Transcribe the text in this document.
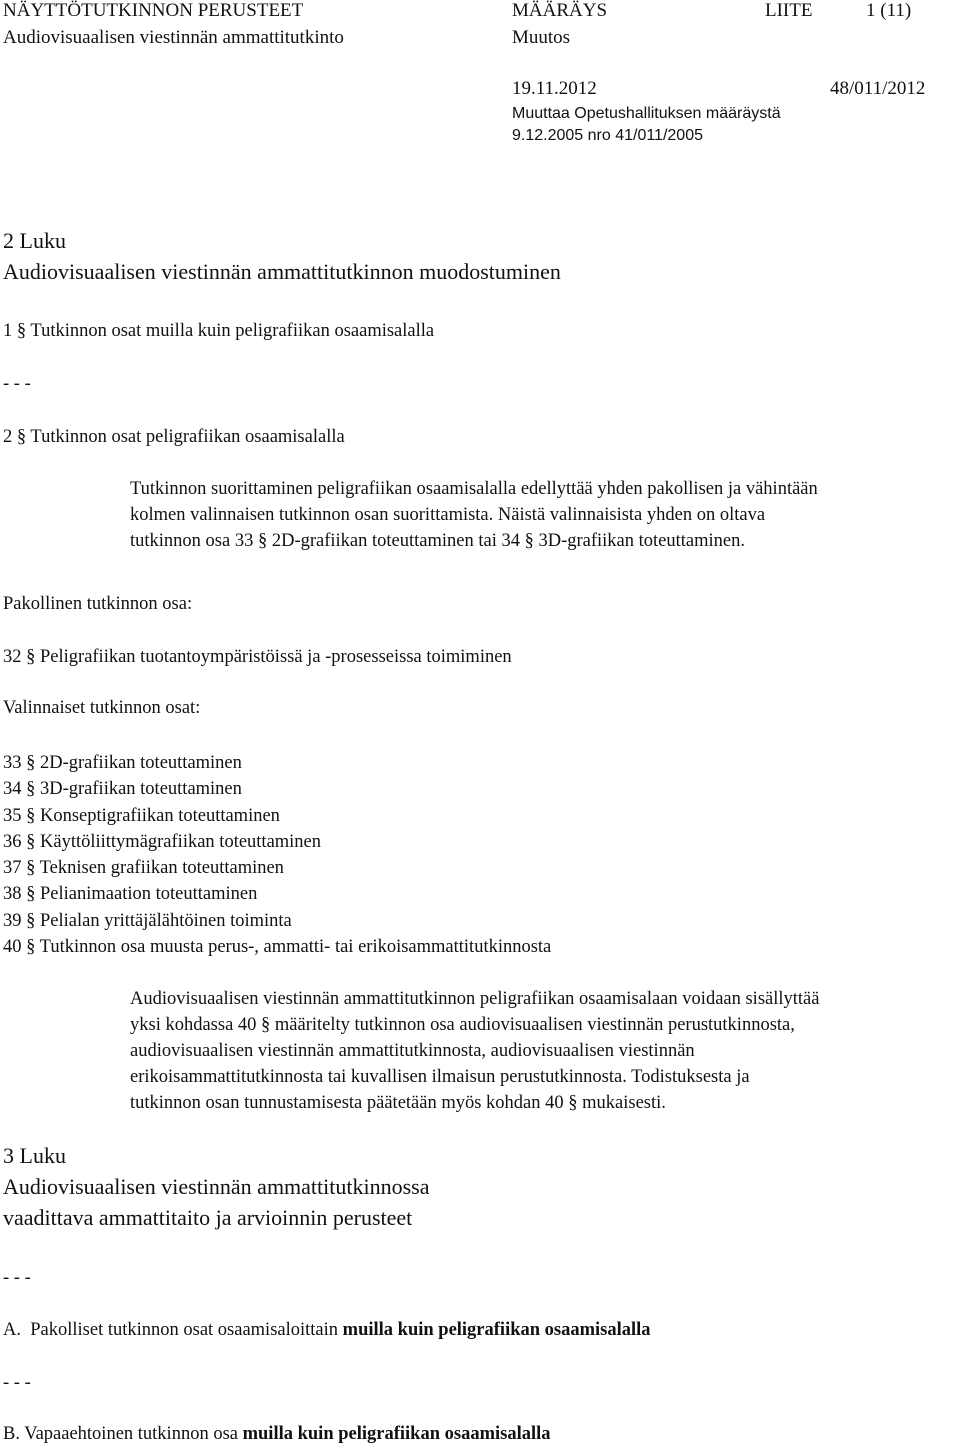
NÄYTTÖTUTKINNON PERUSTEET
Audiovisuaalisen viestinnän ammattitutkinto
MÄÄRÄYS
Muutos
LIITE	1 (11)
19.11.2012	48/011/2012
Muuttaa Opetushallituksen määräystä
9.12.2005 nro 41/011/2005
2 Luku
Audiovisuaalisen viestinnän ammattitutkinnon muodostuminen
1 § Tutkinnon osat muilla kuin peligrafiikan osaamisalalla
- - -
2 § Tutkinnon osat peligrafiikan osaamisalalla
Tutkinnon suorittaminen peligrafiikan osaamisalalla edellyttää yhden pakollisen ja vähintään
kolmen valinnaisen tutkinnon osan suorittamista. Näistä valinnaisista yhden on oltava
tutkinnon osa 33 § 2D-grafiikan toteuttaminen tai 34 § 3D-grafiikan toteuttaminen.
Pakollinen tutkinnon osa:
32 § Peligrafiikan tuotantoympäristöissä ja -prosesseissa toimiminen
Valinnaiset tutkinnon osat:
33 § 2D-grafiikan toteuttaminen
34 § 3D-grafiikan toteuttaminen
35 § Konseptigrafiikan toteuttaminen
36 § Käyttöliittymägrafiikan toteuttaminen
37 § Teknisen grafiikan toteuttaminen
38 § Pelianimaation toteuttaminen
39 § Pelialan yrittäjälähtöinen toiminta
40 § Tutkinnon osa muusta perus-, ammatti- tai erikoisammattitutkinnosta
Audiovisuaalisen viestinnän ammattitutkinnon peligrafiikan osaamisalaan voidaan sisällyttää
yksi kohdassa 40 § määritelty tutkinnon osa audiovisuaalisen viestinnän perustutkinnosta,
audiovisuaalisen viestinnän ammattitutkinnosta, audiovisuaalisen viestinnän
erikoisammattitutkinnosta tai kuvallisen ilmaisun perustutkinnosta. Todistuksesta ja
tutkinnon osan tunnustamisesta päätetään myös kohdan 40 § mukaisesti.
3 Luku
Audiovisuaalisen viestinnän ammattitutkinnossa
vaadittava ammattitaito ja arvioinnin perusteet
- - -
A.  Pakolliset tutkinnon osat osaamisaloittain muilla kuin peligrafiikan osaamisalalla
- - -
B. Vapaaehtoinen tutkinnon osa muilla kuin peligrafiikan osaamisalalla
